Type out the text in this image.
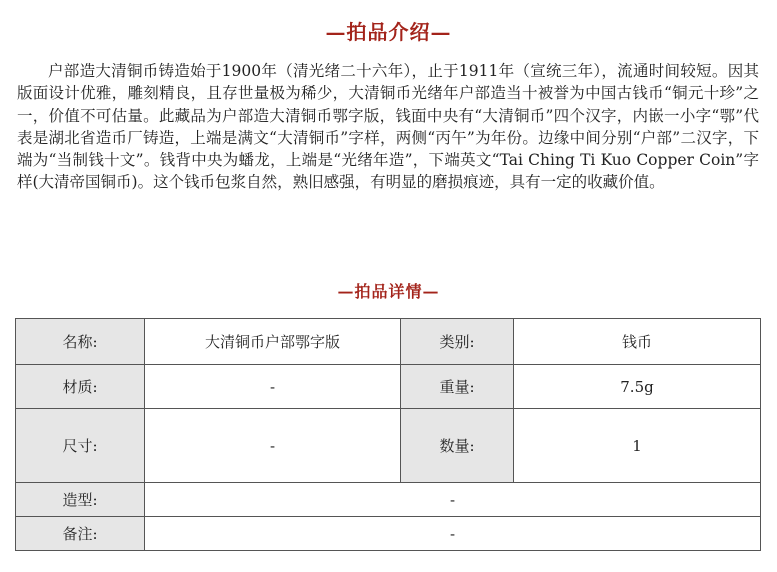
—拍品介绍—

户部造大清铜币铸造始于1900年（清光绪二十六年），止于1911年（宣统三年），流通时间较短。因其版面设计优雅，雕刻精良，且存世量极为稀少，大清铜币光绪年户部造当十被誉为中国古钱币“铜元十珍”之一，价值不可估量。此藏品为户部造大清铜币鄂字版，钱面中央有“大清铜币”四个汉字，内嵌一小字“鄂”代表是湖北省造币厂铸造，上端是满文“大清铜币”字样，两侧“丙午”为年份。边缘中间分别“户部”二汉字，下端为“当制钱十文”。钱背中央为蟠龙，上端是“光绪年造”，下端英文“Tai Ching Ti Kuo Copper Coin”字样(大清帝国铜币)。这个钱币包浆自然，熟旧感强，有明显的磨损痕迹，具有一定的收藏价值。

—拍品详情—
名称:	大清铜币户部鄂字版	类别:	钱币
材质:	-	重量:	7.5g
尺寸:	-	数量:	1
造型:	-		
备注:	-		
